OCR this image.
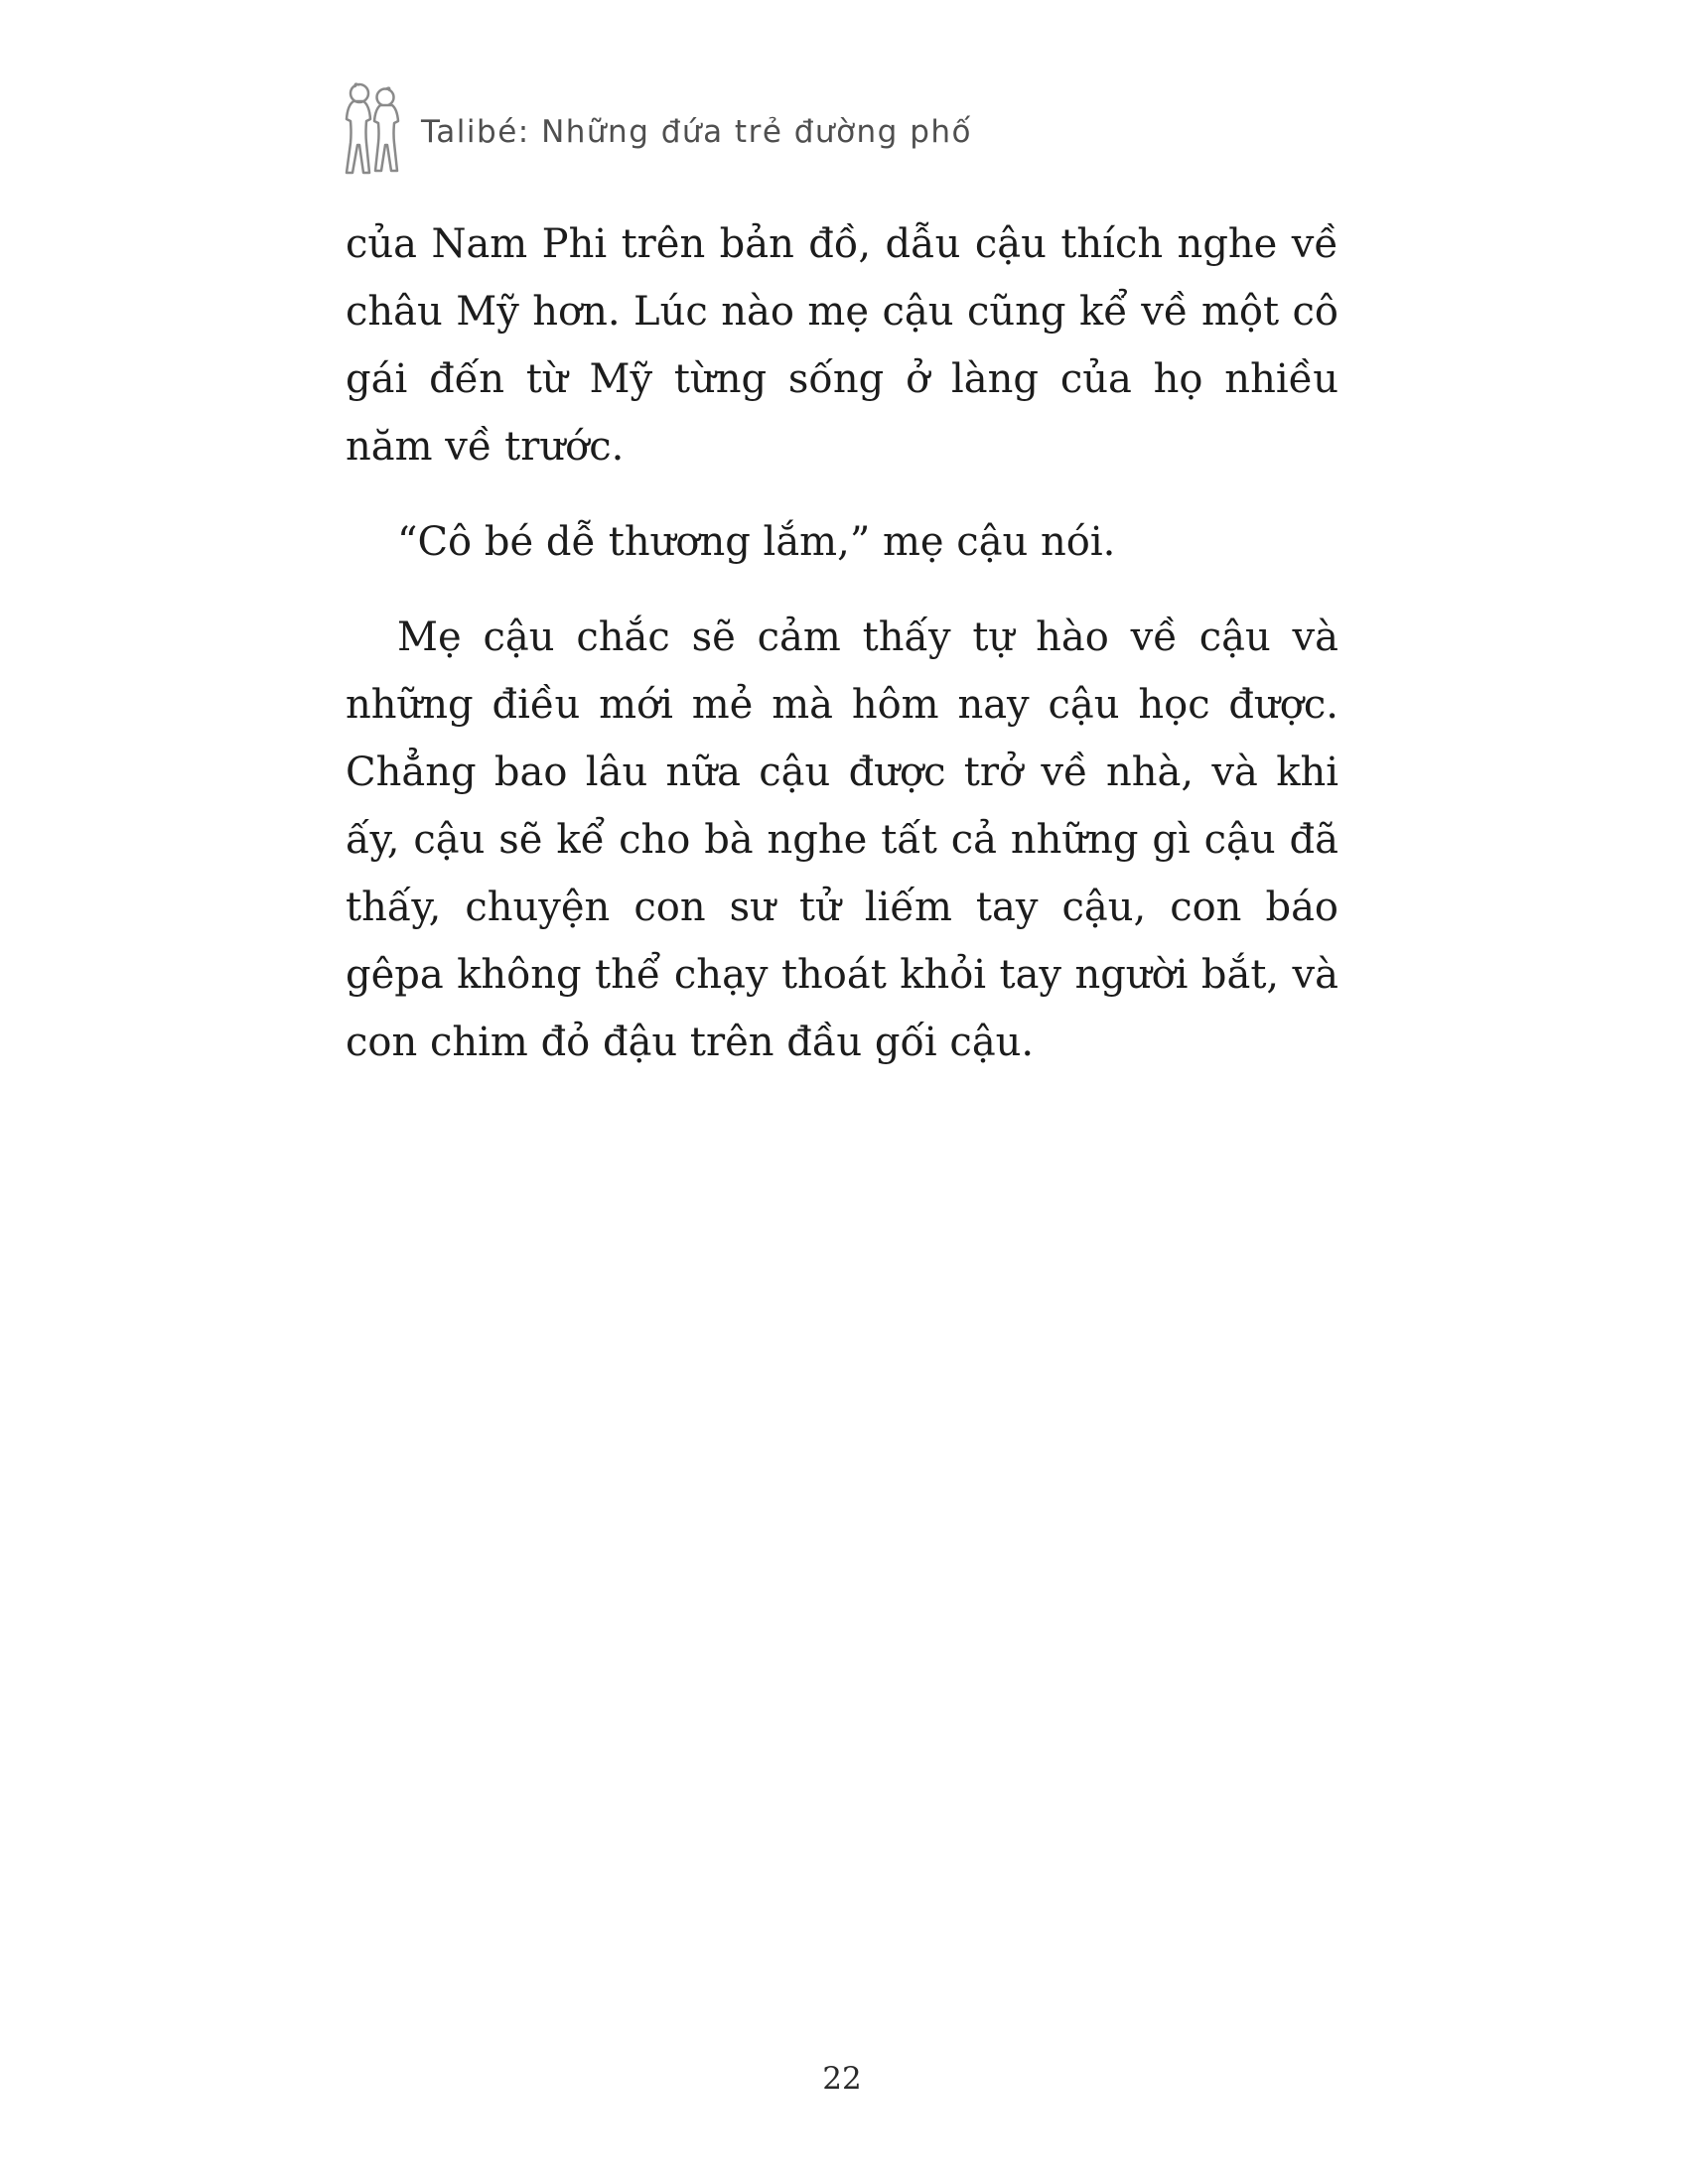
Talibé: Những đứa trẻ đường phố

của Nam Phi trên bản đồ, dẫu cậu thích nghe về châu Mỹ hơn. Lúc nào mẹ cậu cũng kể về một cô gái đến từ Mỹ từng sống ở làng của họ nhiều năm về trước.

“Cô bé dễ thương lắm,” mẹ cậu nói.

Mẹ cậu chắc sẽ cảm thấy tự hào về cậu và những điều mới mẻ mà hôm nay cậu học được. Chẳng bao lâu nữa cậu được trở về nhà, và khi ấy, cậu sẽ kể cho bà nghe tất cả những gì cậu đã thấy, chuyện con sư tử liếm tay cậu, con báo gêpa không thể chạy thoát khỏi tay người bắt, và con chim đỏ đậu trên đầu gối cậu.

22
